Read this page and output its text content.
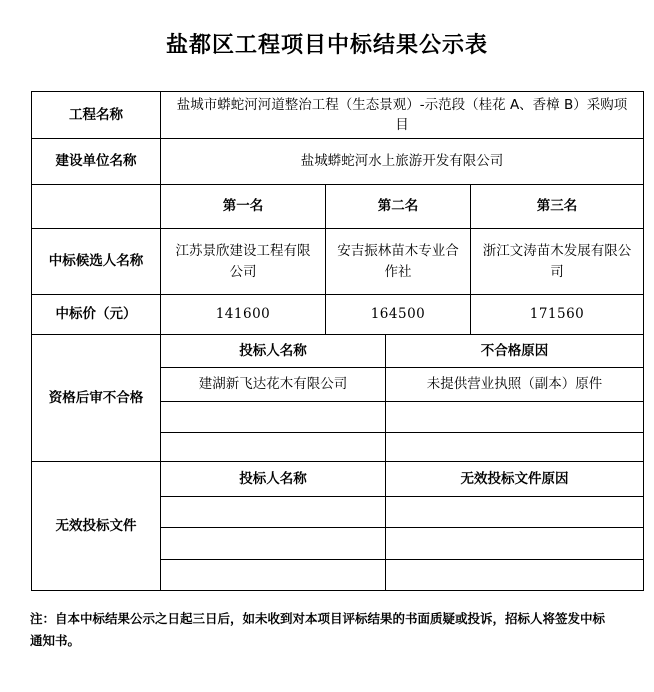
盐都区工程项目中标结果公示表
工程名称	盐城市蟒蛇河河道整治工程（生态景观）-示范段（桂花 A、香樟 B）采购项目			
建设单位名称	盐城蟒蛇河水上旅游开发有限公司			
	第一名	第二名		第三名
中标候选人名称	江苏景欣建设工程有限公司	安吉振林苗木专业合作社		浙江文涛苗木发展有限公司
中标价（元）	141600	164500		171560
资格后审不合格	投标人名称		不合格原因	
	建湖新飞达花木有限公司		未提供营业执照（副本）原件	

无效投标文件	投标人名称		无效投标文件原因	

注：自本中标结果公示之日起三日后，如未收到对本项目评标结果的书面质疑或投诉，招标人将签发中标
通知书。
